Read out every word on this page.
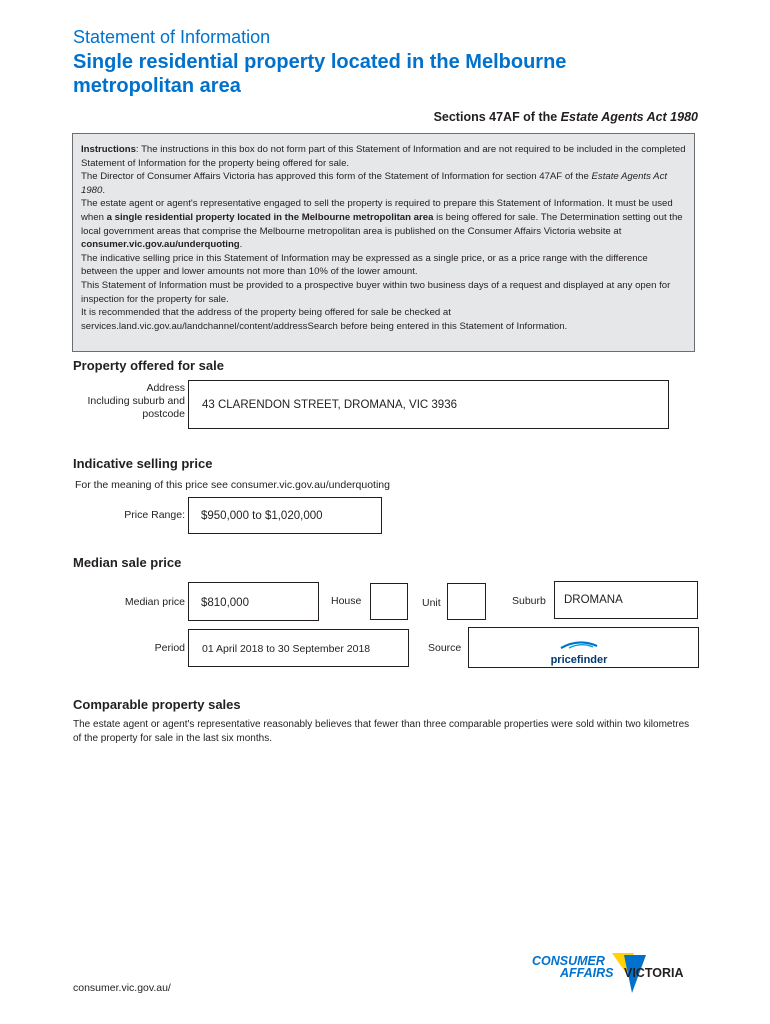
Statement of Information
Single residential property located in the Melbourne metropolitan area
Sections 47AF of the Estate Agents Act 1980

Instructions: The instructions in this box do not form part of this Statement of Information and are not required to be included in the completed Statement of Information for the property being offered for sale.

The Director of Consumer Affairs Victoria has approved this form of the Statement of Information for section 47AF of the Estate Agents Act 1980.

The estate agent or agent's representative engaged to sell the property is required to prepare this Statement of Information. It must be used when a single residential property located in the Melbourne metropolitan area is being offered for sale. The Determination setting out the local government areas that comprise the Melbourne metropolitan area is published on the Consumer Affairs Victoria website at consumer.vic.gov.au/underquoting.

The indicative selling price in this Statement of Information may be expressed as a single price, or as a price range with the difference between the upper and lower amounts not more than 10% of the lower amount.

This Statement of Information must be provided to a prospective buyer within two business days of a request and displayed at any open for inspection for the property for sale.

It is recommended that the address of the property being offered for sale be checked at services.land.vic.gov.au/landchannel/content/addressSearch before being entered in this Statement of Information.

Property offered for sale
Address
Including suburb and
postcode
43 CLARENDON STREET, DROMANA, VIC 3936
Indicative selling price
For the meaning of this price see consumer.vic.gov.au/underquoting
Price Range: $950,000 to $1,020,000
Median sale price
Median price $810,000	House	Unit	Suburb DROMANA
Period 01 April 2018 to 30 September 2018	Source
pricefinder
Comparable property sales
The estate agent or agent's representative reasonably believes that fewer than three comparable properties were sold within two kilometres of the property for sale in the last six months.
consumer.vic.gov.au/
CONSUMER
AFFAIRS VICTORIA
